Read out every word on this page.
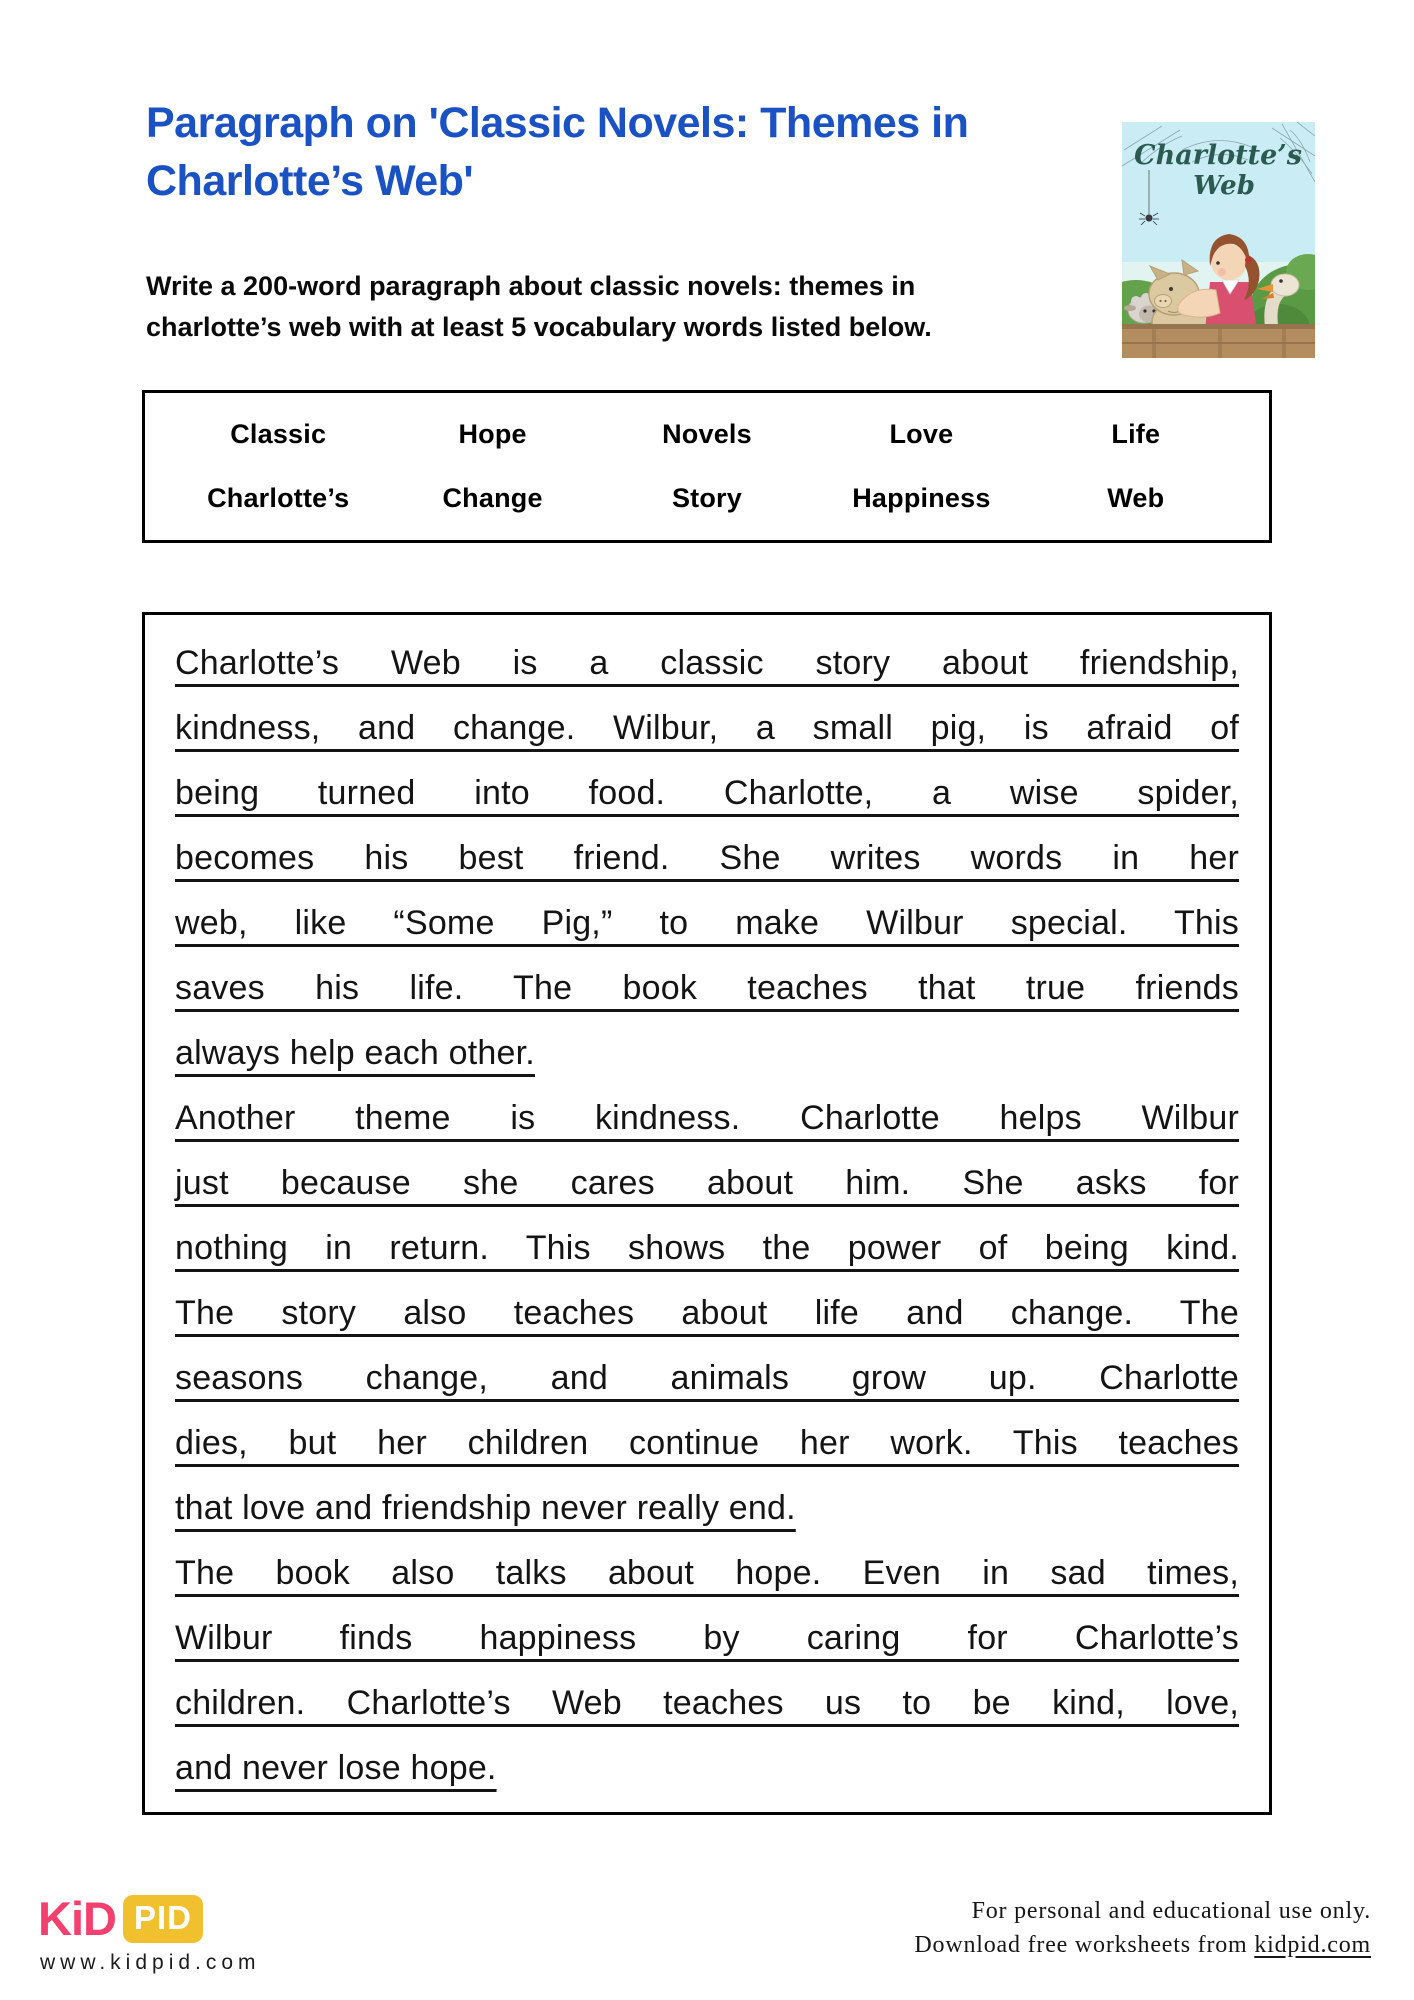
Paragraph on 'Classic Novels: Themes in
Charlotte’s Web'

Write a 200-word paragraph about classic novels: themes in
charlotte’s web with at least 5 vocabulary words listed below.

Charlotte’s
Web
Classic	Hope	Novels	Love	Life
Charlotte’s	Change	Story	Happiness	Web
Charlotte’s Web is a classic story about friendship,
kindness, and change. Wilbur, a small pig, is afraid of
being turned into food. Charlotte, a wise spider,
becomes his best friend. She writes words in her
web, like “Some Pig,” to make Wilbur special. This
saves his life. The book teaches that true friends
always help each other.
Another theme is kindness. Charlotte helps Wilbur
just because she cares about him. She asks for
nothing in return. This shows the power of being kind.
The story also teaches about life and change. The
seasons change, and animals grow up. Charlotte
dies, but her children continue her work. This teaches
that love and friendship never really end.
The book also talks about hope. Even in sad times,
Wilbur finds happiness by caring for Charlotte’s
children. Charlotte’s Web teaches us to be kind, love,
and never lose hope.
KiD PID
www.kidpid.com
For personal and educational use only.
Download free worksheets from kidpid.com
